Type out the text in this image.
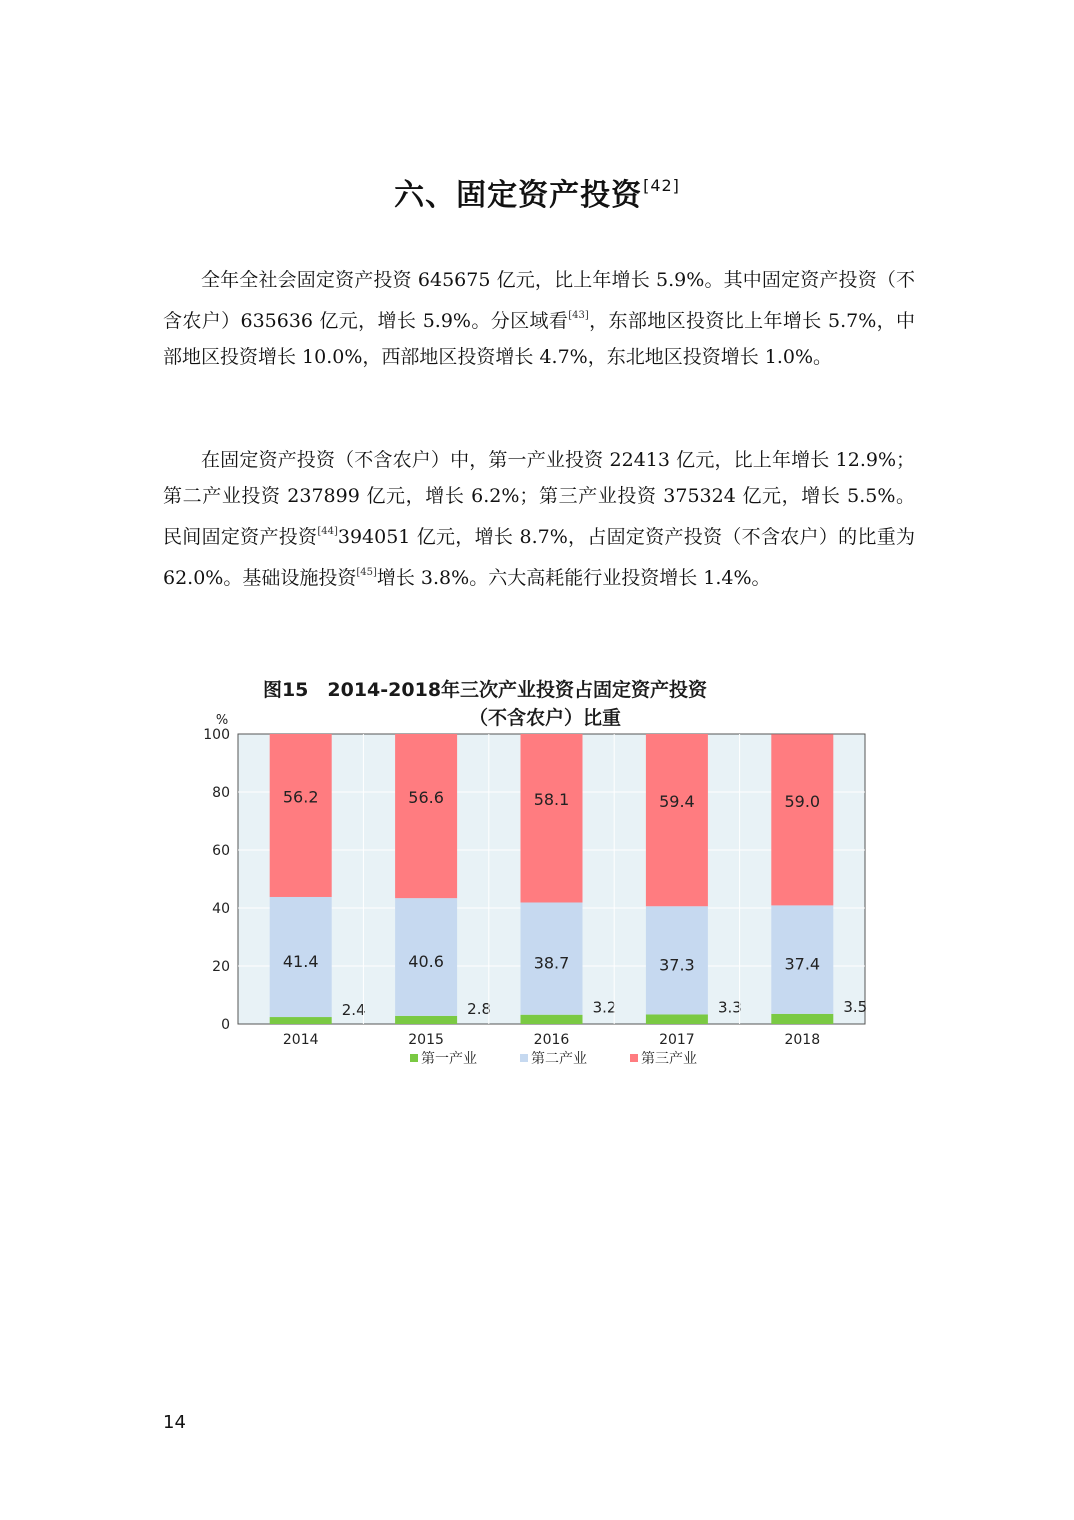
六、固定资产投资[42]

全年全社会固定资产投资 645675 亿元，比上年增长 5.9%。其中固定资产投资（不含农户）635636 亿元，增长 5.9%。分区域看[43]，东部地区投资比上年增长 5.7%，中部地区投资增长 10.0%，西部地区投资增长 4.7%，东北地区投资增长 1.0%。

在固定资产投资（不含农户）中，第一产业投资 22413 亿元，比上年增长 12.9%；第二产业投资 237899 亿元，增长 6.2%；第三产业投资 375324 亿元，增长 5.5%。民间固定资产投资[44]394051 亿元，增长 8.7%，占固定资产投资（不含农户）的比重为 62.0%。基础设施投资[45]增长 3.8%。六大高耗能行业投资增长 1.4%。

图15　2014-2018年三次产业投资占固定资产投资
（不含农户）比重
0
20
40
60
80
100
%
2.4
41.4
56.2
2014
2.8
40.6
56.6
2015
3.2
38.7
58.1
2016
3.3
37.3
59.4
2017
3.5
37.4
59.0
2018
第一产业	第二产业	第三产业
14
